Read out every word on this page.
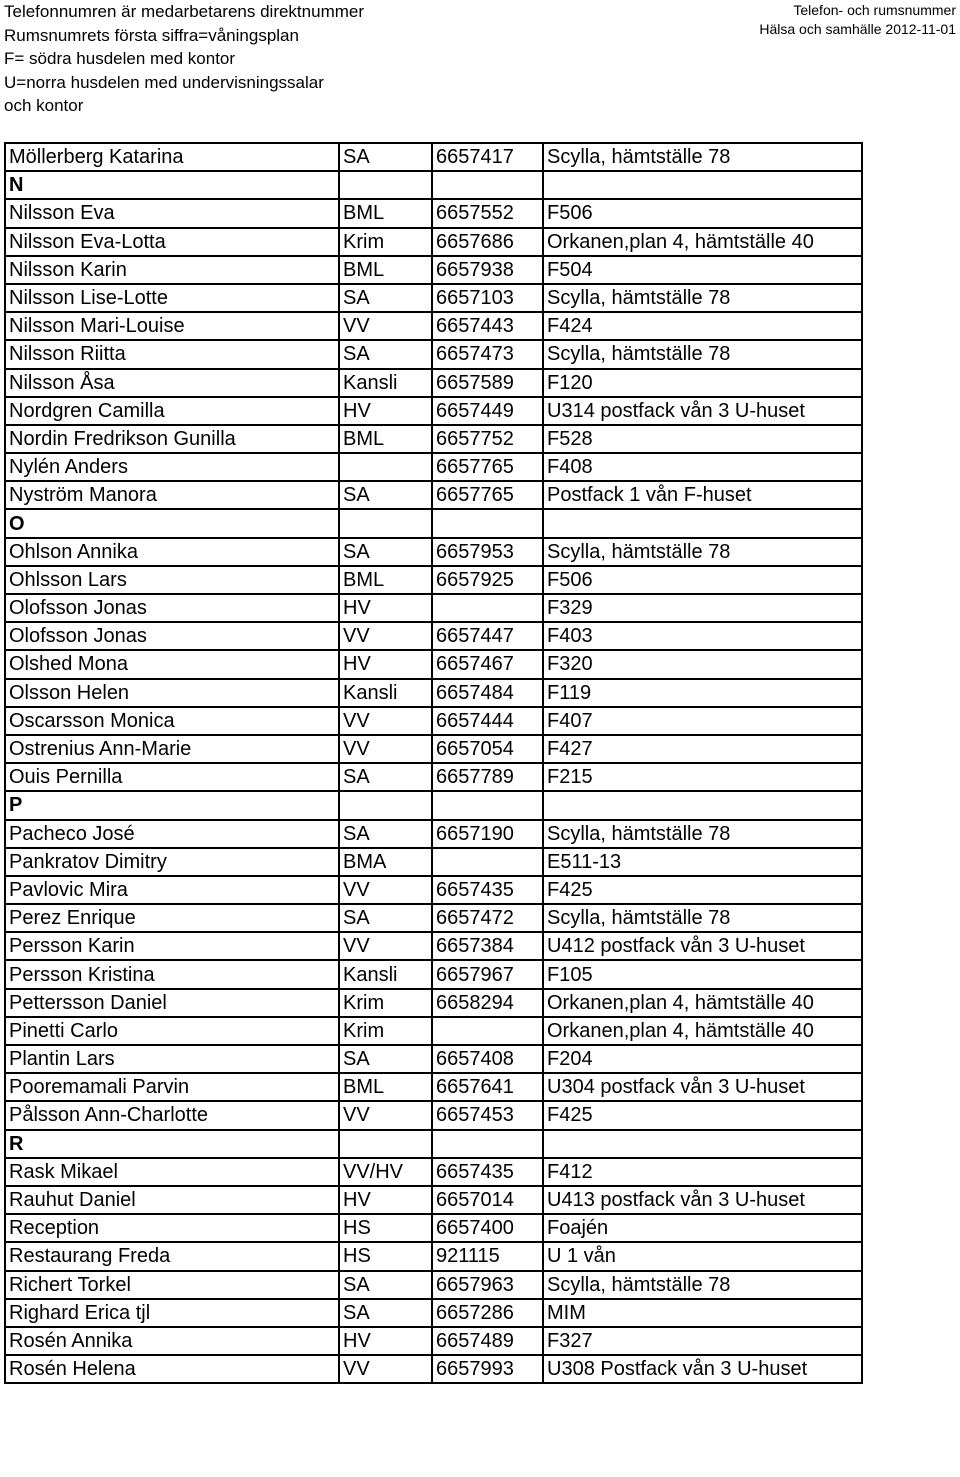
Telefonnumren är medarbetarens direktnummer
Rumsnumrets första siffra=våningsplan
F= södra husdelen med kontor
U=norra husdelen med undervisningssalar
och kontor
Telefon- och rumsnummer
Hälsa och samhälle 2012-11-01
Möllerberg Katarina	SA	6657417	Scylla, hämtställe 78
N			
Nilsson Eva	BML	6657552	F506
Nilsson Eva-Lotta	Krim	6657686	Orkanen,plan 4, hämtställe 40
Nilsson Karin	BML	6657938	F504
Nilsson Lise-Lotte	SA	6657103	Scylla, hämtställe 78
Nilsson Mari-Louise	VV	6657443	F424
Nilsson Riitta	SA	6657473	Scylla, hämtställe 78
Nilsson Åsa	Kansli	6657589	F120
Nordgren Camilla	HV	6657449	U314 postfack vån 3 U-huset
Nordin Fredrikson Gunilla	BML	6657752	F528
Nylén Anders		6657765	F408
Nyström Manora	SA	6657765	Postfack 1 vån F-huset
O			
Ohlson Annika	SA	6657953	Scylla, hämtställe 78
Ohlsson Lars	BML	6657925	F506
Olofsson Jonas	HV		F329
Olofsson Jonas	VV	6657447	F403
Olshed Mona	HV	6657467	F320
Olsson Helen	Kansli	6657484	F119
Oscarsson Monica	VV	6657444	F407
Ostrenius Ann-Marie	VV	6657054	F427
Ouis Pernilla	SA	6657789	F215
P			
Pacheco José	SA	6657190	Scylla, hämtställe 78
Pankratov Dimitry	BMA		E511-13
Pavlovic Mira	VV	6657435	F425
Perez Enrique	SA	6657472	Scylla, hämtställe 78
Persson Karin	VV	6657384	U412 postfack vån 3 U-huset
Persson Kristina	Kansli	6657967	F105
Pettersson Daniel	Krim	6658294	Orkanen,plan 4, hämtställe 40
Pinetti Carlo	Krim		Orkanen,plan 4, hämtställe 40
Plantin Lars	SA	6657408	F204
Pooremamali Parvin	BML	6657641	U304 postfack vån 3 U-huset
Pålsson Ann-Charlotte	VV	6657453	F425
R			
Rask Mikael	VV/HV	6657435	F412
Rauhut Daniel	HV	6657014	U413 postfack vån 3 U-huset
Reception	HS	6657400	Foajén
Restaurang Freda	HS	921115	U 1 vån
Richert Torkel	SA	6657963	Scylla, hämtställe 78
Righard Erica tjl	SA	6657286	MIM
Rosén Annika	HV	6657489	F327
Rosén Helena	VV	6657993	U308 Postfack vån 3 U-huset
